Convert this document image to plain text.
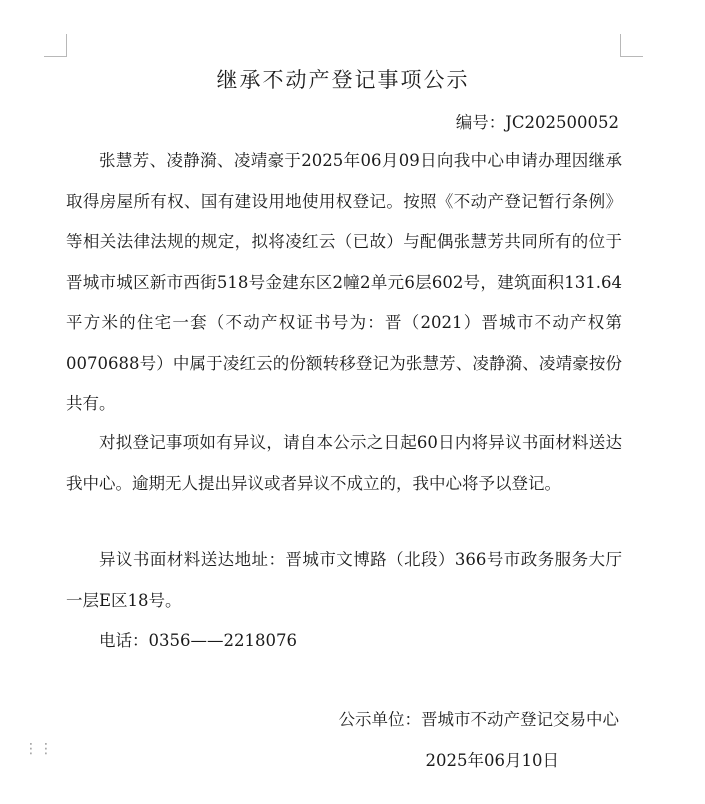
继承不动产登记事项公示
编号：JC202500052

张慧芳、凌静漪、凌靖豪于2025年06月09日向我中心申请办理因继承取得房屋所有权、国有建设用地使用权登记。按照《不动产登记暂行条例》等相关法律法规的规定，拟将凌红云（已故）与配偶张慧芳共同所有的位于晋城市城区新市西街518号金建东区2幢2单元6层602号，建筑面积131.64平方米的住宅一套（不动产权证书号为：晋（2021）晋城市不动产权第0070688号）中属于凌红云的份额转移登记为张慧芳、凌静漪、凌靖豪按份共有。

对拟登记事项如有异议，请自本公示之日起60日内将异议书面材料送达我中心。逾期无人提出异议或者异议不成立的，我中心将予以登记。

异议书面材料送达地址：晋城市文博路（北段）366号市政务服务大厅一层E区18号。

电话：0356——2218076

公示单位：晋城市不动产登记交易中心
2025年06月10日
⋮⋮
